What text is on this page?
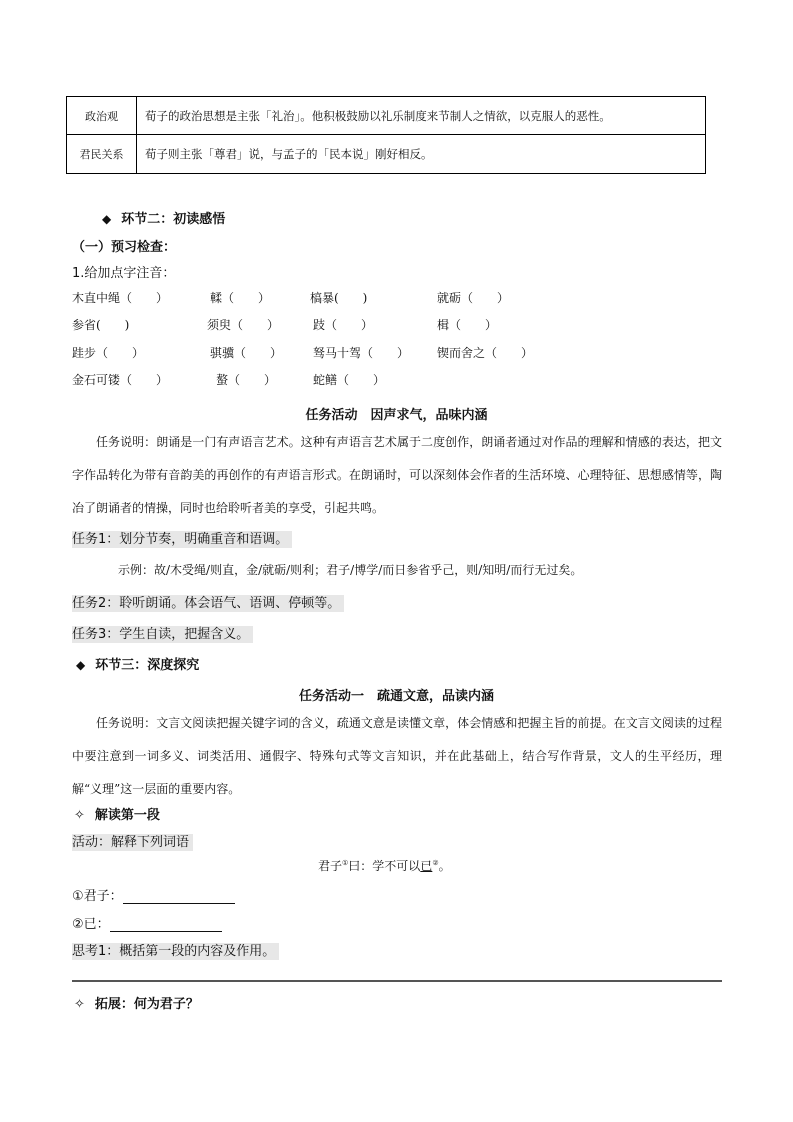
政治观	荀子的政治思想是主张「礼治」。他积极鼓励以礼乐制度来节制人之情欲，以克服人的恶性。
君民关系	荀子则主张「尊君」说，与孟子的「民本说」刚好相反。
◆ 环节二：初读感悟
（一）预习检查：
1.给加点字注音：
木直中绳（　　）	輮（　　）	槁暴(　　)	就砺（　　）
参省(　　)	须臾（　　）	跂（　　）	楫（　　）
跬步（　　）	骐骥（　　）	驽马十驾（　　） 锲而舍之（　　）
金石可镂（　　）	螯（　　）	蛇鳝（　　）
任务活动　因声求气，品味内涵
任务说明：朗诵是一门有声语言艺术。这种有声语言艺术属于二度创作，朗诵者通过对作品的理解和情感的表达，把文字作品转化为带有音韵美的再创作的有声语言形式。在朗诵时，可以深刻体会作者的生活环境、心理特征、思想感情等，陶冶了朗诵者的情操，同时也给聆听者美的享受，引起共鸣。
任务1：划分节奏，明确重音和语调。
示例：故/木受绳/则直，金/就砺/则利；君子/博学/而日参省乎己，则/知明/而行无过矣。
任务2：聆听朗诵。体会语气、语调、停顿等。
任务3：学生自读，把握含义。
◆ 环节三：深度探究
任务活动一　疏通文意，品读内涵
任务说明：文言文阅读把握关键字词的含义，疏通文意是读懂文章，体会情感和把握主旨的前提。在文言文阅读的过程中要注意到一词多义、词类活用、通假字、特殊句式等文言知识，并在此基础上，结合写作背景，文人的生平经历，理解“义理”这一层面的重要内容。
✧ 解读第一段
活动：解释下列词语
君子①曰：学不可以已②。
①君子：
②已：
思考1：概括第一段的内容及作用。
✧ 拓展：何为君子？
